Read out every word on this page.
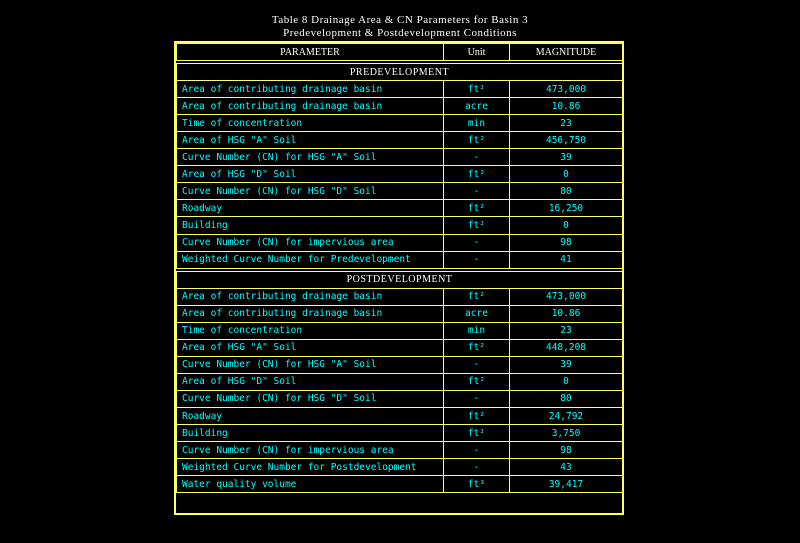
Table 8 Drainage Area & CN Parameters for Basin 3
Predevelopment & Postdevelopment Conditions
PARAMETER	Unit	MAGNITUDE

PREDEVELOPMENT		
Area of contributing drainage basin	ft²	473,000
Area of contributing drainage basin	acre	10.86
Time of concentration	min	23
Area of HSG "A" Soil	ft²	456,750
Curve Number (CN) for HSG "A" Soil	-	39
Area of HSG "D" Soil	ft²	0
Curve Number (CN) for HSG "D" Soil	-	80
Roadway	ft²	16,250
Building	ft²	0
Curve Number (CN) for impervious area	-	98
Weighted Curve Number for Predevelopment	-	41

POSTDEVELOPMENT		
Area of contributing drainage basin	ft²	473,000
Area of contributing drainage basin	acre	10.86
Time of concentration	min	23
Area of HSG "A" Soil	ft²	448,208
Curve Number (CN) for HSG "A" Soil	-	39
Area of HSG "D" Soil	ft²	0
Curve Number (CN) for HSG "D" Soil	-	80
Roadway	ft²	24,792
Building	ft²	3,750
Curve Number (CN) for impervious area	-	98
Weighted Curve Number for Postdevelopment	-	43
Water quality volume	ft³	39,417
